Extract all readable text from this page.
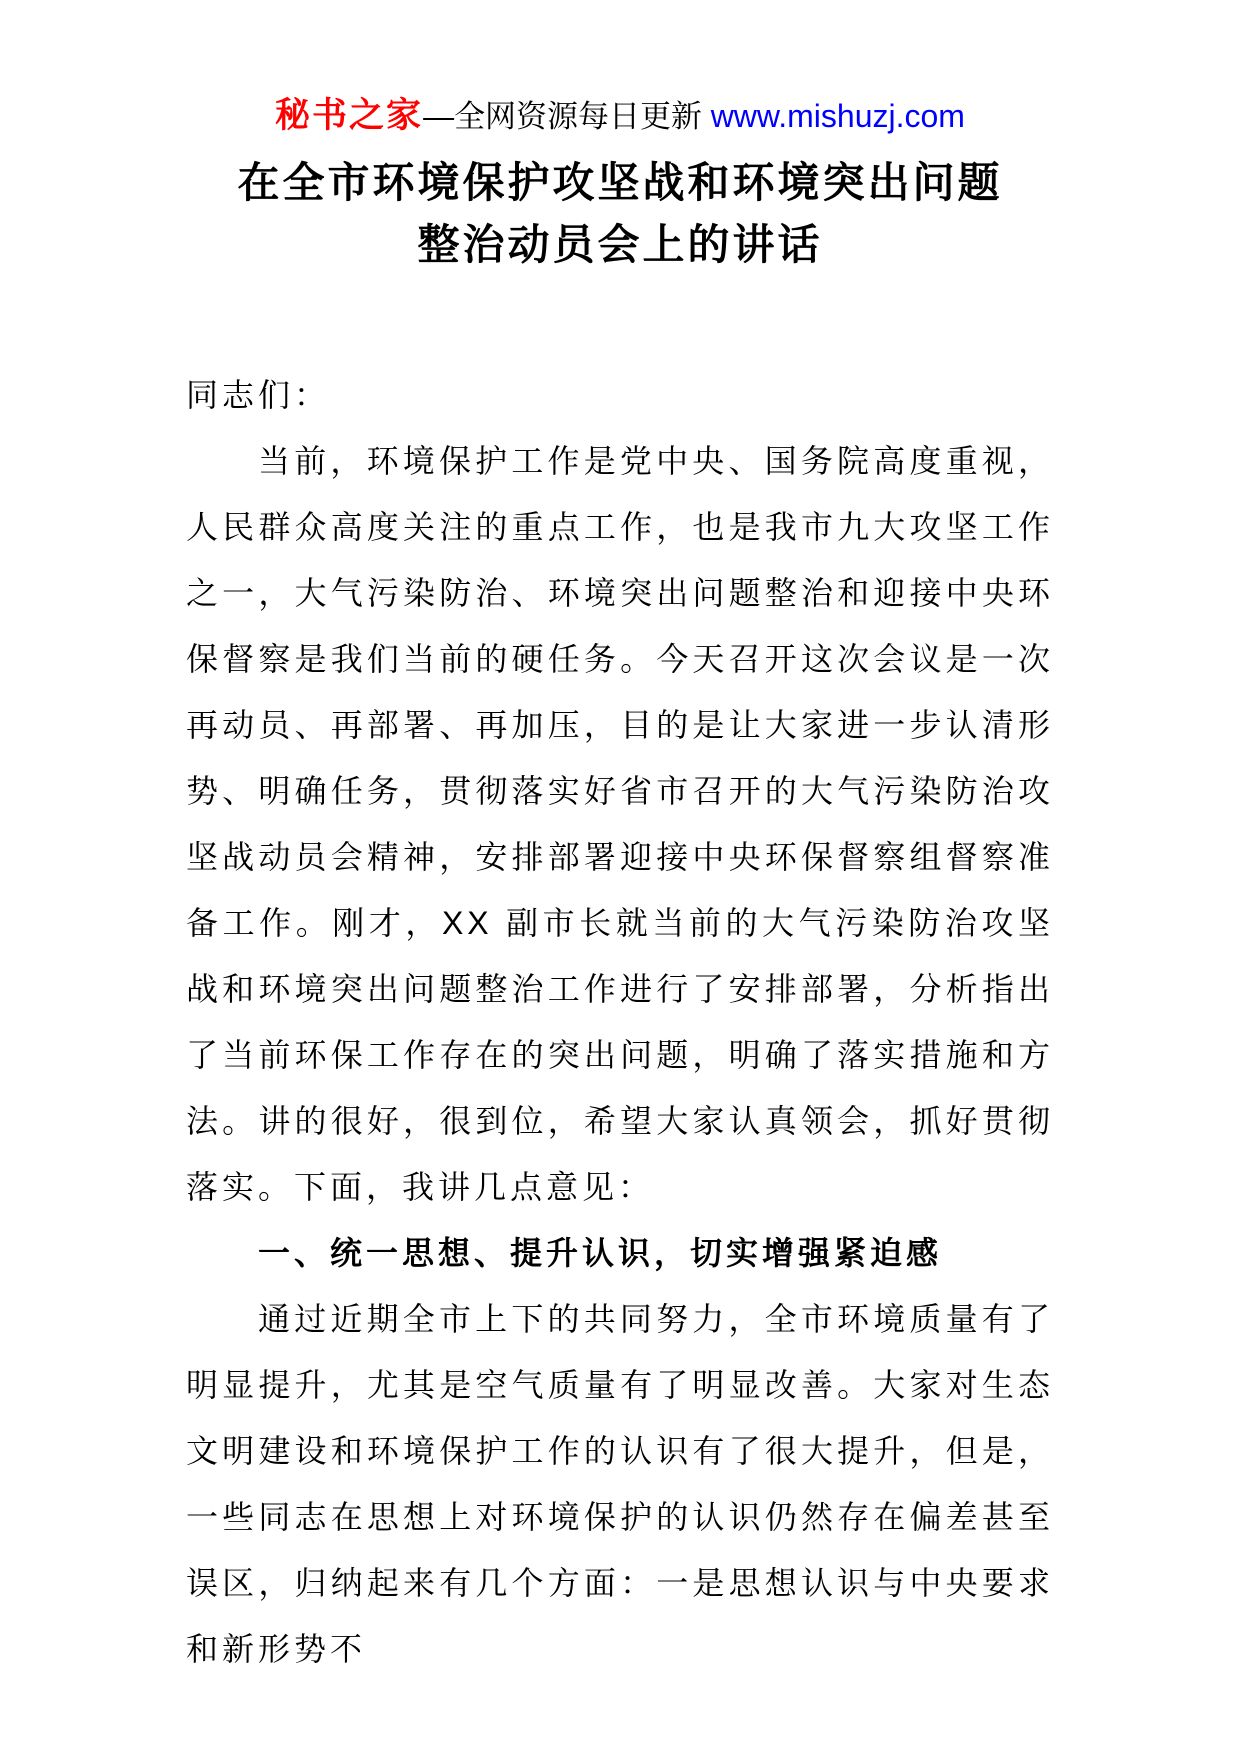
秘书之家—全网资源每日更新 www.mishuzj.com
在全市环境保护攻坚战和环境突出问题
整治动员会上的讲话

同志们：

当前，环境保护工作是党中央、国务院高度重视，人民群众高度关注的重点工作，也是我市九大攻坚工作之一，大气污染防治、环境突出问题整治和迎接中央环保督察是我们当前的硬任务。今天召开这次会议是一次再动员、再部署、再加压，目的是让大家进一步认清形势、明确任务，贯彻落实好省市召开的大气污染防治攻坚战动员会精神，安排部署迎接中央环保督察组督察准备工作。刚才，XX 副市长就当前的大气污染防治攻坚战和环境突出问题整治工作进行了安排部署，分析指出了当前环保工作存在的突出问题，明确了落实措施和方法。讲的很好，很到位，希望大家认真领会，抓好贯彻落实。下面，我讲几点意见：

一、统一思想、提升认识，切实增强紧迫感

通过近期全市上下的共同努力，全市环境质量有了明显提升，尤其是空气质量有了明显改善。大家对生态文明建设和环境保护工作的认识有了很大提升，但是，一些同志在思想上对环境保护的认识仍然存在偏差甚至误区，归纳起来有几个方面：一是思想认识与中央要求和新形势不
